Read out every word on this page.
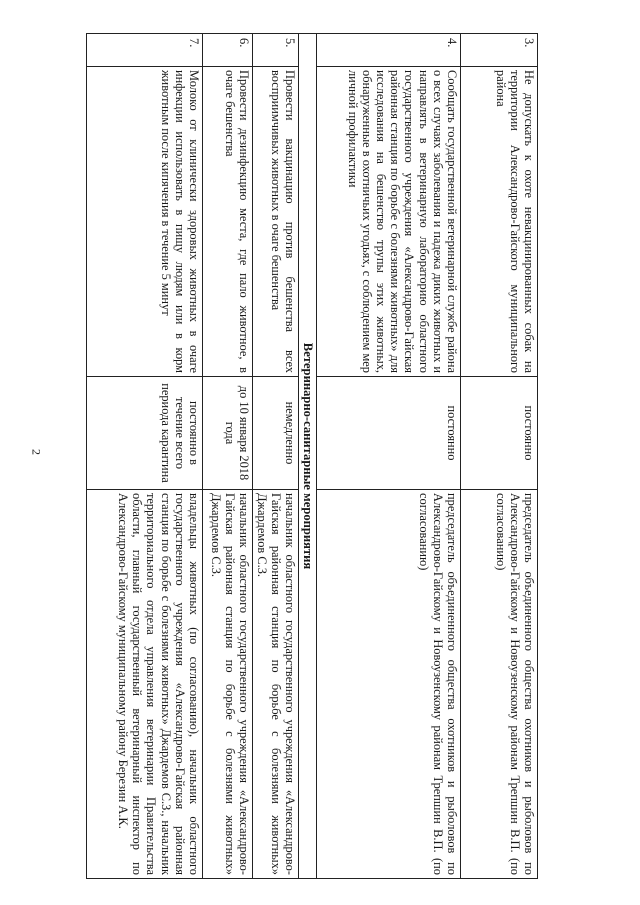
2
3.	Не допускать к охоте невакцинированных собак на территории Александрово-Гайского муниципального района	постоянно	председатель объединенного общества охотников и рыболовов по Александрово-Гайскому и Новоузенскому районам Трепшин В.П. (по согласованию)
4.	Сообщать государственной ветеринарной службе района о всех случаях заболевания и падежа диких животных и направлять в ветеринарную лабораторию областного государственного учреждения «Александрово-Гайская районная станция по борьбе с болезнями животных» для исследования на бешенство трупы этих животных, обнаруженные в охотничьих угодьях, с соблюдением мер личной профилактики	постоянно	председатель объединенного общества охотников и рыболовов по Александрово-Гайскому и Новоузенскому районам Трепшин В.П. (по согласованию)
Ветеринарно-санитарные мероприятия			
5.	Провести вакцинацию против бешенства всех восприимчивых животных в очаге бешенства	немедленно	начальник областного государственного учреждения «Александрово-Гайская районная станция по борьбе с болезнями животных» Джардемов С.З.
6.	Провести дезинфекцию места, где пало животное, в очаге бешенства	до 10 января 2018 года	начальник областного государственного учреждения «Александрово-Гайская районная станция по борьбе с болезнями животных» Джардемов С.З.
7.	Молоко от клинически здоровых животных в очаге инфекции использовать в пищу людям или в корм животным после кипячения в течение 5 минут	постоянно в течение всего периода карантина	владельцы животных (по согласованию), начальник областного государственного учреждения «Александрово-Гайская районная станция по борьбе с болезнями животных» Джардемов С.З., начальник территориального отдела управления ветеринарии Правительства области, главный государственный ветеринарный инспектор по Александрово-Гайскому муниципальному району Березин А.К.
